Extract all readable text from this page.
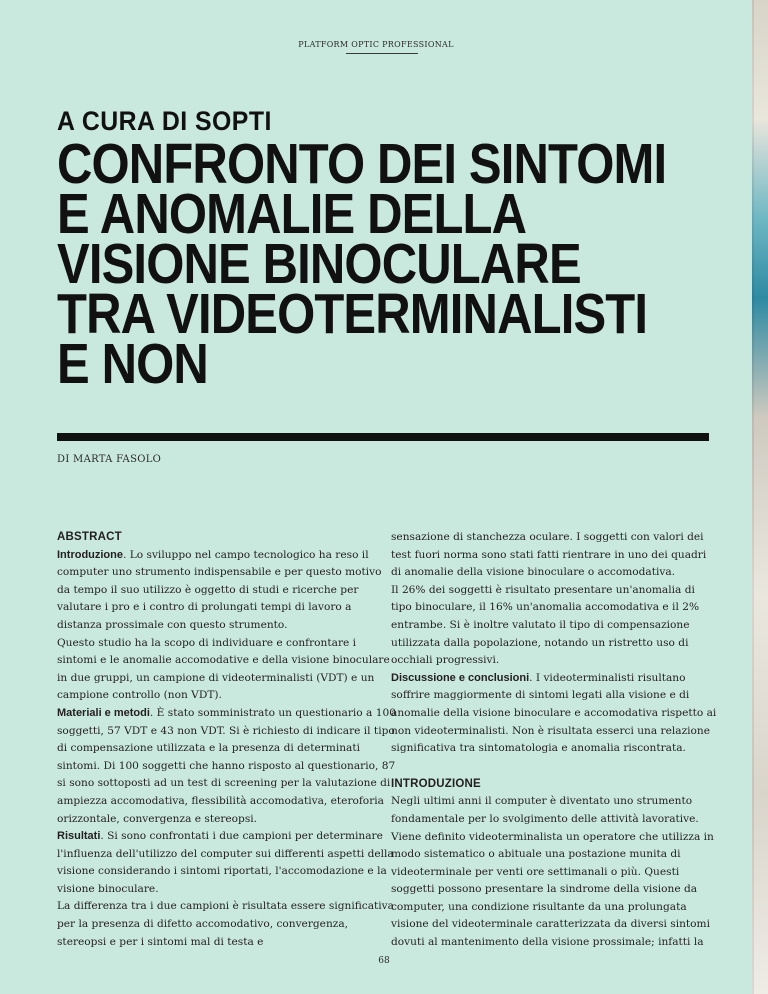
PLATFORM OPTIC PROFESSIONAL
A CURA DI SOPTI
CONFRONTO DEI SINTOMI
E ANOMALIE DELLA
VISIONE BINOCULARE
TRA VIDEOTERMINALISTI
E NON
DI MARTA FASOLO
ABSTRACT

Introduzione. Lo sviluppo nel campo tecnologico ha reso il computer uno strumento indispensabile e per questo motivo da tempo il suo utilizzo è oggetto di studi e ricerche per valutare i pro e i contro di prolungati tempi di lavoro a distanza prossimale con questo strumento.

Questo studio ha la scopo di individuare e confrontare i sintomi e le anomalie accomodative e della visione binoculare in due gruppi, un campione di videoterminalisti (VDT) e un campione controllo (non VDT).

Materiali e metodi. È stato somministrato un questionario a 100 soggetti, 57 VDT e 43 non VDT. Si è richiesto di indicare il tipo di compensazione utilizzata e la presenza di determinati sintomi. Di 100 soggetti che hanno risposto al questionario, 87 si sono sottoposti ad un test di screening per la valutazione di ampiezza accomodativa, flessibilità accomodativa, eteroforia orizzontale, convergenza e stereopsi.

Risultati. Si sono confrontati i due campioni per determinare l'influenza dell'utilizzo del computer sui differenti aspetti della visione considerando i sintomi riportati, l'accomodazione e la visione binoculare.

La differenza tra i due campioni è risultata essere significativa per la presenza di difetto accomodativo, convergenza, stereopsi e per i sintomi mal di testa e

sensazione di stanchezza oculare. I soggetti con valori dei test fuori norma sono stati fatti rientrare in uno dei quadri di anomalie della visione binoculare o accomodativa.

Il 26% dei soggetti è risultato presentare un'anomalia di tipo binoculare, il 16% un'anomalia accomodativa e il 2% entrambe. Si è inoltre valutato il tipo di compensazione utilizzata dalla popolazione, notando un ristretto uso di occhiali progressivi.

Discussione e conclusioni. I videoterminalisti risultano soffrire maggiormente di sintomi legati alla visione e di anomalie della visione binoculare e accomodativa rispetto ai non videoterminalisti. Non è risultata esserci una relazione significativa tra sintomatologia e anomalia riscontrata.

INTRODUZIONE

Negli ultimi anni il computer è diventato uno strumento fondamentale per lo svolgimento delle attività lavorative. Viene definito videoterminalista un operatore che utilizza in modo sistematico o abituale una postazione munita di videoterminale per venti ore settimanali o più. Questi soggetti possono presentare la sindrome della visione da computer, una condizione risultante da una prolungata visione del videoterminale caratterizzata da diversi sintomi dovuti al mantenimento della visione prossimale; infatti la

68
